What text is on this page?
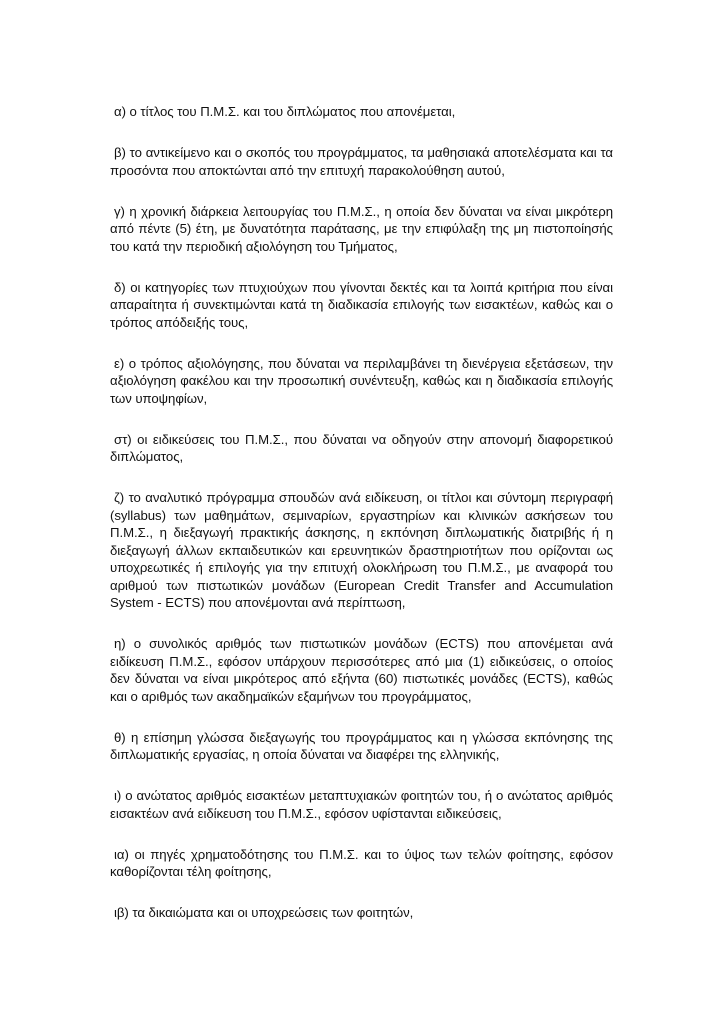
α) ο τίτλος του Π.Μ.Σ. και του διπλώματος που απονέμεται,

β) το αντικείμενο και ο σκοπός του προγράμματος, τα μαθησιακά αποτελέσματα και τα προσόντα που αποκτώνται από την επιτυχή παρακολούθηση αυτού,

γ) η χρονική διάρκεια λειτουργίας του Π.Μ.Σ., η οποία δεν δύναται να είναι μικρότερη από πέντε (5) έτη, με δυνατότητα παράτασης, με την επιφύλαξη της μη πιστοποίησής του κατά την περιοδική αξιολόγηση του Τμήματος,

δ) οι κατηγορίες των πτυχιούχων που γίνονται δεκτές και τα λοιπά κριτήρια που είναι απαραίτητα ή συνεκτιμώνται κατά τη διαδικασία επιλογής των εισακτέων, καθώς και ο τρόπος απόδειξής τους,

ε) ο τρόπος αξιολόγησης, που δύναται να περιλαμβάνει τη διενέργεια εξετάσεων, την αξιολόγηση φακέλου και την προσωπική συνέντευξη, καθώς και η διαδικασία επιλογής των υποψηφίων,

στ) οι ειδικεύσεις του Π.Μ.Σ., που δύναται να οδηγούν στην απονομή διαφορετικού διπλώματος,

ζ) το αναλυτικό πρόγραμμα σπουδών ανά ειδίκευση, οι τίτλοι και σύντομη περιγραφή (syllabus) των μαθημάτων, σεμιναρίων, εργαστηρίων και κλινικών ασκήσεων του Π.Μ.Σ., η διεξαγωγή πρακτικής άσκησης, η εκπόνηση διπλωματικής διατριβής ή η διεξαγωγή άλλων εκπαιδευτικών και ερευνητικών δραστηριοτήτων που ορίζονται ως υποχρεωτικές ή επιλογής για την επιτυχή ολοκλήρωση του Π.Μ.Σ., με αναφορά του αριθμού των πιστωτικών μονάδων (European Credit Transfer and Accumulation System - ECTS) που απονέμονται ανά περίπτωση,

η) ο συνολικός αριθμός των πιστωτικών μονάδων (ECTS) που απονέμεται ανά ειδίκευση Π.Μ.Σ., εφόσον υπάρχουν περισσότερες από μια (1) ειδικεύσεις, ο οποίος δεν δύναται να είναι μικρότερος από εξήντα (60) πιστωτικές μονάδες (ECTS), καθώς και ο αριθμός των ακαδημαϊκών εξαμήνων του προγράμματος,

θ) η επίσημη γλώσσα διεξαγωγής του προγράμματος και η γλώσσα εκπόνησης της διπλωματικής εργασίας, η οποία δύναται να διαφέρει της ελληνικής,

ι) ο ανώτατος αριθμός εισακτέων μεταπτυχιακών φοιτητών του, ή ο ανώτατος αριθμός εισακτέων ανά ειδίκευση του Π.Μ.Σ., εφόσον υφίστανται ειδικεύσεις,

ια) οι πηγές χρηματοδότησης του Π.Μ.Σ. και το ύψος των τελών φοίτησης, εφόσον καθορίζονται τέλη φοίτησης,

ιβ) τα δικαιώματα και οι υποχρεώσεις των φοιτητών,
